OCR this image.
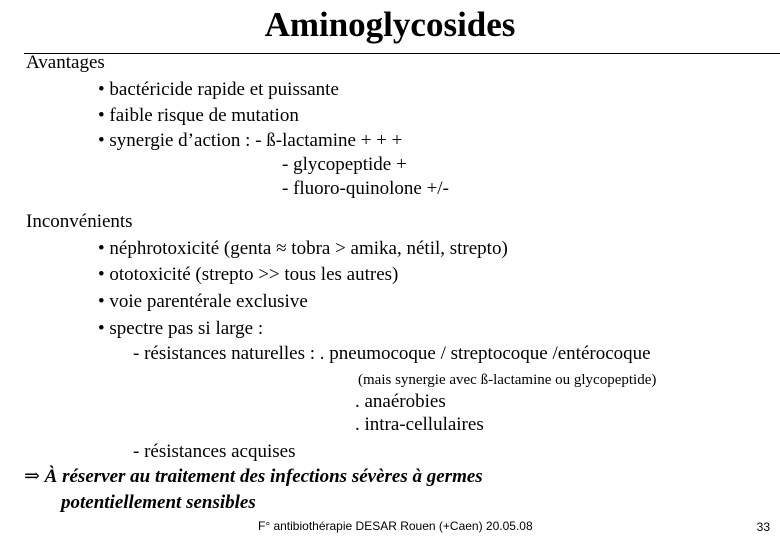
Aminoglycosides
Avantages
• bactéricide rapide et puissante
• faible risque de mutation
• synergie d’action : - ß-lactamine + + +
- glycopeptide +
- fluoro-quinolone +/-
Inconvénients
• néphrotoxicité (genta ≈ tobra > amika, nétil, strepto)
• ototoxicité (strepto >> tous les autres)
• voie parentérale exclusive
• spectre pas si large :
- résistances naturelles : . pneumocoque / streptocoque /entérocoque
(mais synergie avec ß-lactamine ou glycopeptide)
. anaérobies
. intra-cellulaires
- résistances acquises
⇒ À réserver au traitement des infections sévères à germes
potentiellement sensibles
F° antibiothérapie DESAR Rouen (+Caen) 20.05.08	33
